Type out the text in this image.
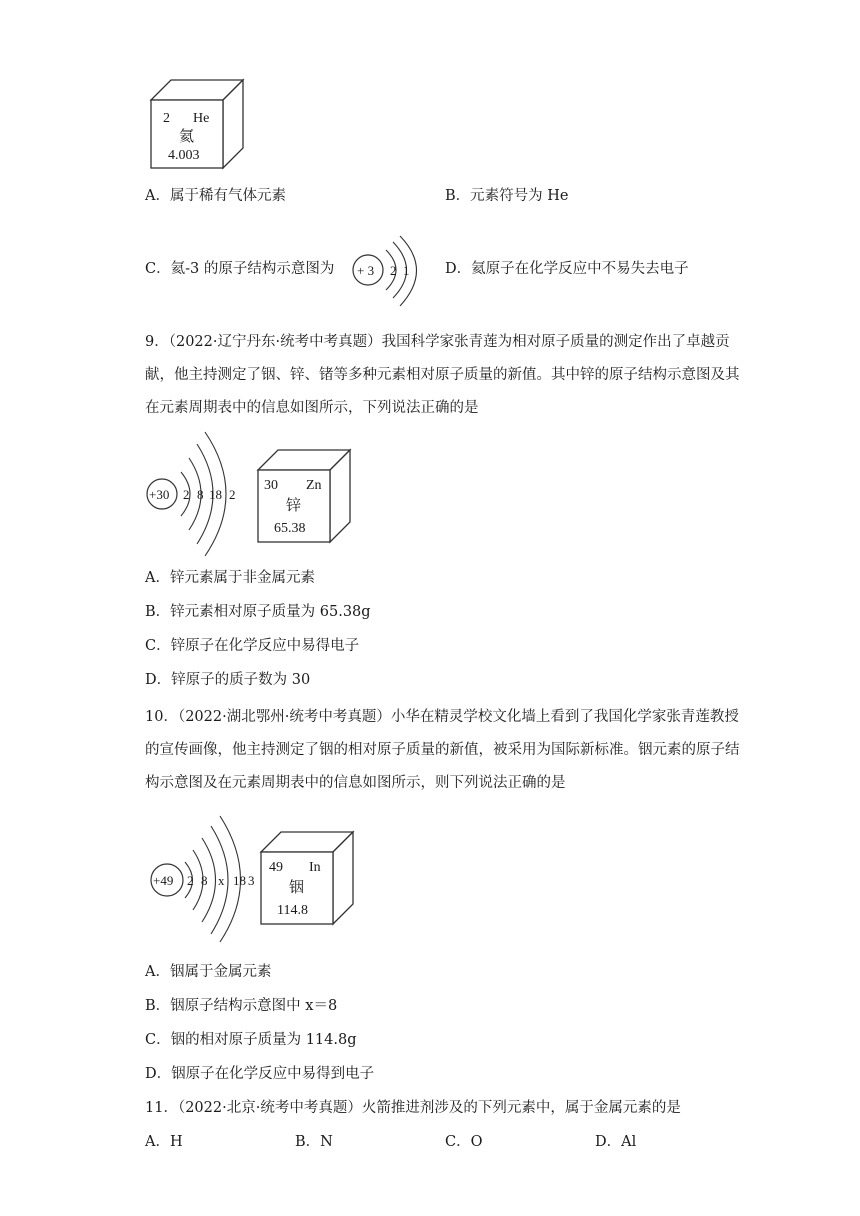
2 He
氦
4.003
A．属于稀有气体元素	B．元素符号为 He
C．氦-3 的原子结构示意图为 + 3 2 1 D．氦原子在化学反应中不易失去电子
9．（2022·辽宁丹东·统考中考真题）我国科学家张青莲为相对原子质量的测定作出了卓越贡献，他主持测定了铟、锌、锗等多种元素相对原子质量的新值。其中锌的原子结构示意图及其在元素周期表中的信息如图所示，下列说法正确的是
+30 2 8 18 2
30 Zn
锌
65.38
A．锌元素属于非金属元素
B．锌元素相对原子质量为 65.38g
C．锌原子在化学反应中易得电子
D．锌原子的质子数为 30
10．（2022·湖北鄂州·统考中考真题）小华在精灵学校文化墙上看到了我国化学家张青莲教授的宣传画像，他主持测定了铟的相对原子质量的新值，被采用为国际新标准。铟元素的原子结构示意图及在元素周期表中的信息如图所示，则下列说法正确的是
+49 2 8 x 18 3
49 In
铟
114.8
A．铟属于金属元素
B．铟原子结构示意图中 x＝8
C．铟的相对原子质量为 114.8g
D．铟原子在化学反应中易得到电子
11．（2022·北京·统考中考真题）火箭推进剂涉及的下列元素中，属于金属元素的是
A．H	B．N	C．O	D．Al
